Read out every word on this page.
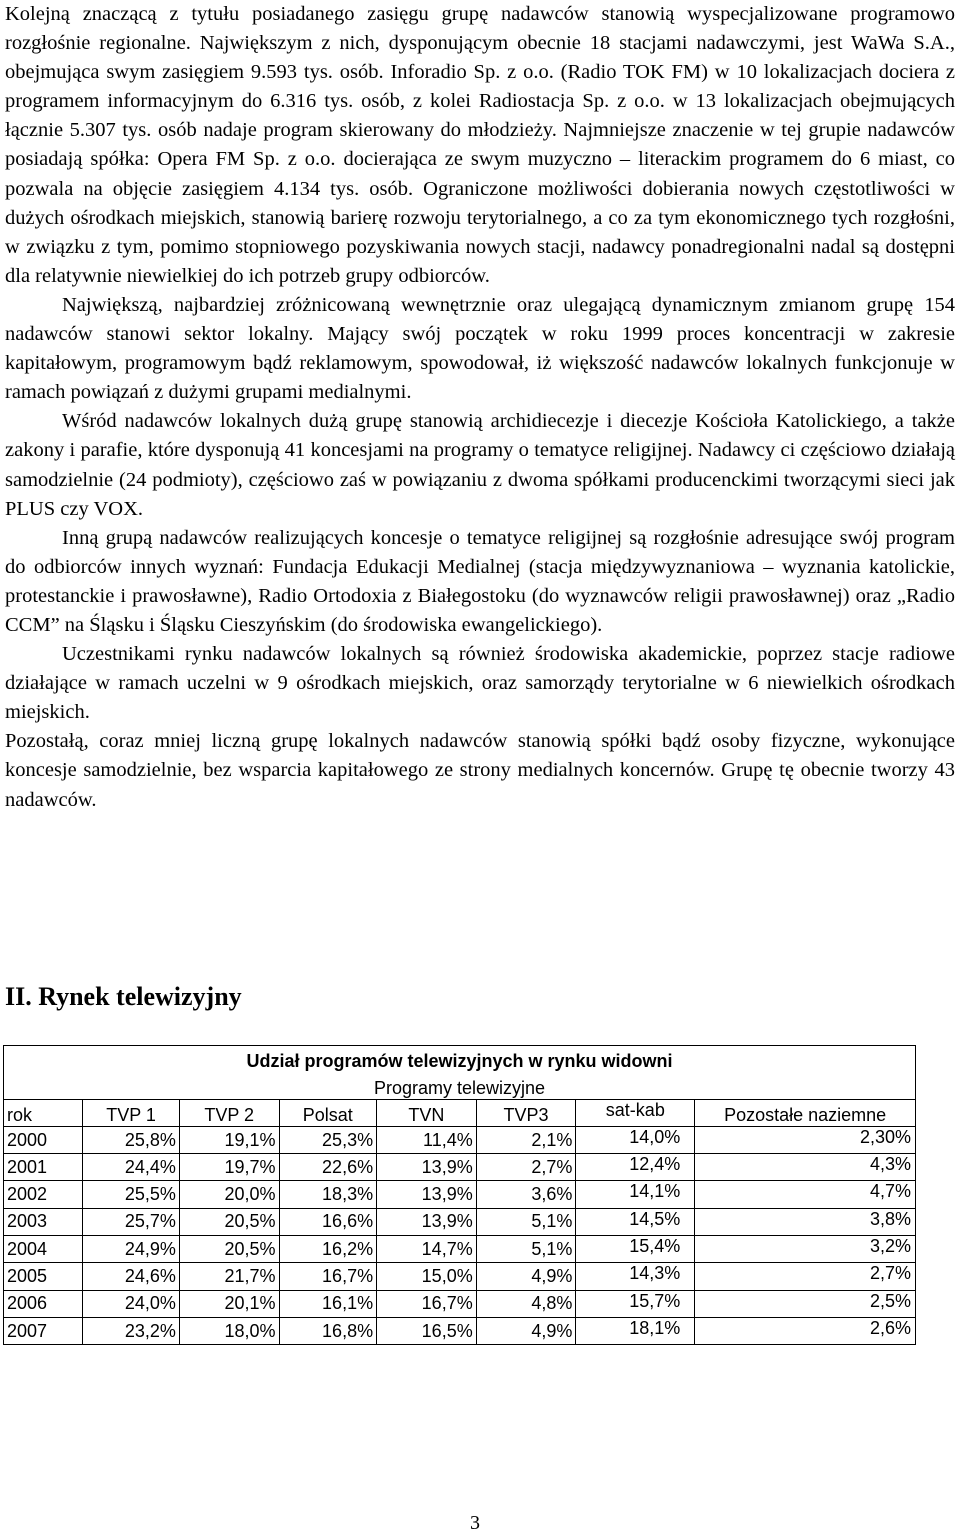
Kolejną znaczącą z tytułu posiadanego zasięgu grupę nadawców stanowią wyspecjalizowane programowo rozgłośnie regionalne. Największym z nich, dysponującym obecnie 18 stacjami nadawczymi, jest WaWa S.A., obejmująca swym zasięgiem 9.593 tys. osób. Inforadio Sp. z o.o. (Radio TOK FM) w 10 lokalizacjach dociera z programem informacyjnym do 6.316 tys. osób, z kolei Radiostacja Sp. z o.o. w 13 lokalizacjach obejmujących łącznie 5.307 tys. osób nadaje program skierowany do młodzieży. Najmniejsze znaczenie w tej grupie nadawców posiadają spółka: Opera FM Sp. z o.o. docierająca ze swym muzyczno – literackim programem do 6 miast, co pozwala na objęcie zasięgiem 4.134 tys. osób. Ograniczone możliwości dobierania nowych częstotliwości w dużych ośrodkach miejskich, stanowią barierę rozwoju terytorialnego, a co za tym ekonomicznego tych rozgłośni, w związku z tym, pomimo stopniowego pozyskiwania nowych stacji, nadawcy ponadregionalni nadal są dostępni dla relatywnie niewielkiej do ich potrzeb grupy odbiorców.

Największą, najbardziej zróżnicowaną wewnętrznie oraz ulegającą dynamicznym zmianom grupę 154 nadawców stanowi sektor lokalny. Mający swój początek w roku 1999 proces koncentracji w zakresie kapitałowym, programowym bądź reklamowym, spowodował, iż większość nadawców lokalnych funkcjonuje w ramach powiązań z dużymi grupami medialnymi.

Wśród nadawców lokalnych dużą grupę stanowią archidiecezje i diecezje Kościoła Katolickiego, a także zakony i parafie, które dysponują 41 koncesjami na programy o tematyce religijnej. Nadawcy ci częściowo działają samodzielnie (24 podmioty), częściowo zaś w powiązaniu z dwoma spółkami producenckimi tworzącymi sieci jak PLUS czy VOX.

Inną grupą nadawców realizujących koncesje o tematyce religijnej są rozgłośnie adresujące swój program do odbiorców innych wyznań: Fundacja Edukacji Medialnej (stacja międzywyznaniowa – wyznania katolickie, protestanckie i prawosławne), Radio Ortodoxia z Białegostoku (do wyznawców religii prawosławnej) oraz „Radio CCM” na Śląsku i Śląsku Cieszyńskim (do środowiska ewangelickiego).

Uczestnikami rynku nadawców lokalnych są również środowiska akademickie, poprzez stacje radiowe działające w ramach uczelni w 9 ośrodkach miejskich, oraz samorządy terytorialne w 6 niewielkich ośrodkach miejskich.

Pozostałą, coraz mniej liczną grupę lokalnych nadawców stanowią spółki bądź osoby fizyczne, wykonujące koncesje samodzielnie, bez wsparcia kapitałowego ze strony medialnych koncernów. Grupę tę obecnie tworzy 43 nadawców.

II. Rynek telewizyjny
Udział programów telewizyjnych w rynku widowni							
Programy telewizyjne							
rok	TVP 1	TVP 2	Polsat	TVN	TVP3	sat-kab	Pozostałe naziemne
2000	25,8%	19,1%	25,3%	11,4%	2,1%	14,0%	2,30%
2001	24,4%	19,7%	22,6%	13,9%	2,7%	12,4%	4,3%
2002	25,5%	20,0%	18,3%	13,9%	3,6%	14,1%	4,7%
2003	25,7%	20,5%	16,6%	13,9%	5,1%	14,5%	3,8%
2004	24,9%	20,5%	16,2%	14,7%	5,1%	15,4%	3,2%
2005	24,6%	21,7%	16,7%	15,0%	4,9%	14,3%	2,7%
2006	24,0%	20,1%	16,1%	16,7%	4,8%	15,7%	2,5%
2007	23,2%	18,0%	16,8%	16,5%	4,9%	18,1%	2,6%
3
